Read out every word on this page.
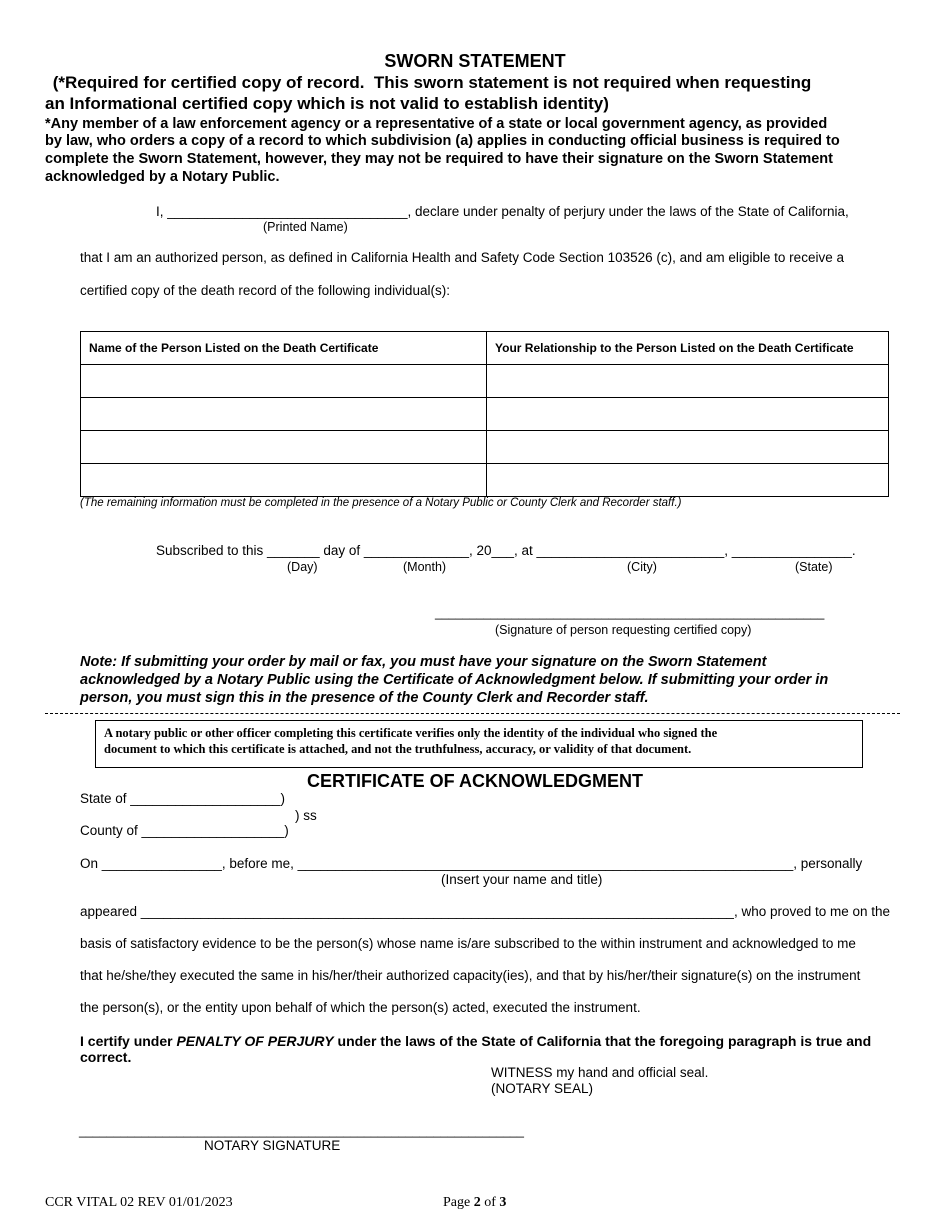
SWORN STATEMENT
(*Required for certified copy of record.  This sworn statement is not required when requesting
an Informational certified copy which is not valid to establish identity)
*Any member of a law enforcement agency or a representative of a state or local government agency, as provided
by law, who orders a copy of a record to which subdivision (a) applies in conducting official business is required to
complete the Sworn Statement, however, they may not be required to have their signature on the Sworn Statement
acknowledged by a Notary Public.
I, ________________________________, declare under penalty of perjury under the laws of the State of California,
(Printed Name)
that I am an authorized person, as defined in California Health and Safety Code Section 103526 (c), and am eligible to receive a
certified copy of the death record of the following individual(s):
Name of the Person Listed on the Death Certificate	Your Relationship to the Person Listed on the Death Certificate

(The remaining information must be completed in the presence of a Notary Public or County Clerk and Recorder staff.)
Subscribed to this _______ day of ______________, 20___, at _________________________, ________________.
(Day)	(Month)	(City)	(State)
________________________________________________________
(Signature of person requesting certified copy)
Note: If submitting your order by mail or fax, you must have your signature on the Sworn Statement
acknowledged by a Notary Public using the Certificate of Acknowledgment below. If submitting your order in
person, you must sign this in the presence of the County Clerk and Recorder staff.
A notary public or other officer completing this certificate verifies only the identity of the individual who signed the
document to which this certificate is attached, and not the truthfulness, accuracy, or validity of that document.
CERTIFICATE OF ACKNOWLEDGMENT
State of ____________________)
) ss
County of ___________________)
On ________________, before me, __________________________________________________________________, personally
(Insert your name and title)
appeared _______________________________________________________________________________, who proved to me on the
basis of satisfactory evidence to be the person(s) whose name is/are subscribed to the within instrument and acknowledged to me
that he/she/they executed the same in his/her/their authorized capacity(ies), and that by his/her/their signature(s) on the instrument
the person(s), or the entity upon behalf of which the person(s) acted, executed the instrument.
I certify under PENALTY OF PERJURY under the laws of the State of California that the foregoing paragraph is true and
correct.
WITNESS my hand and official seal.
(NOTARY SEAL)
________________________________________________________________
NOTARY SIGNATURE
CCR VITAL 02 REV 01/01/2023	Page 2 of 3
